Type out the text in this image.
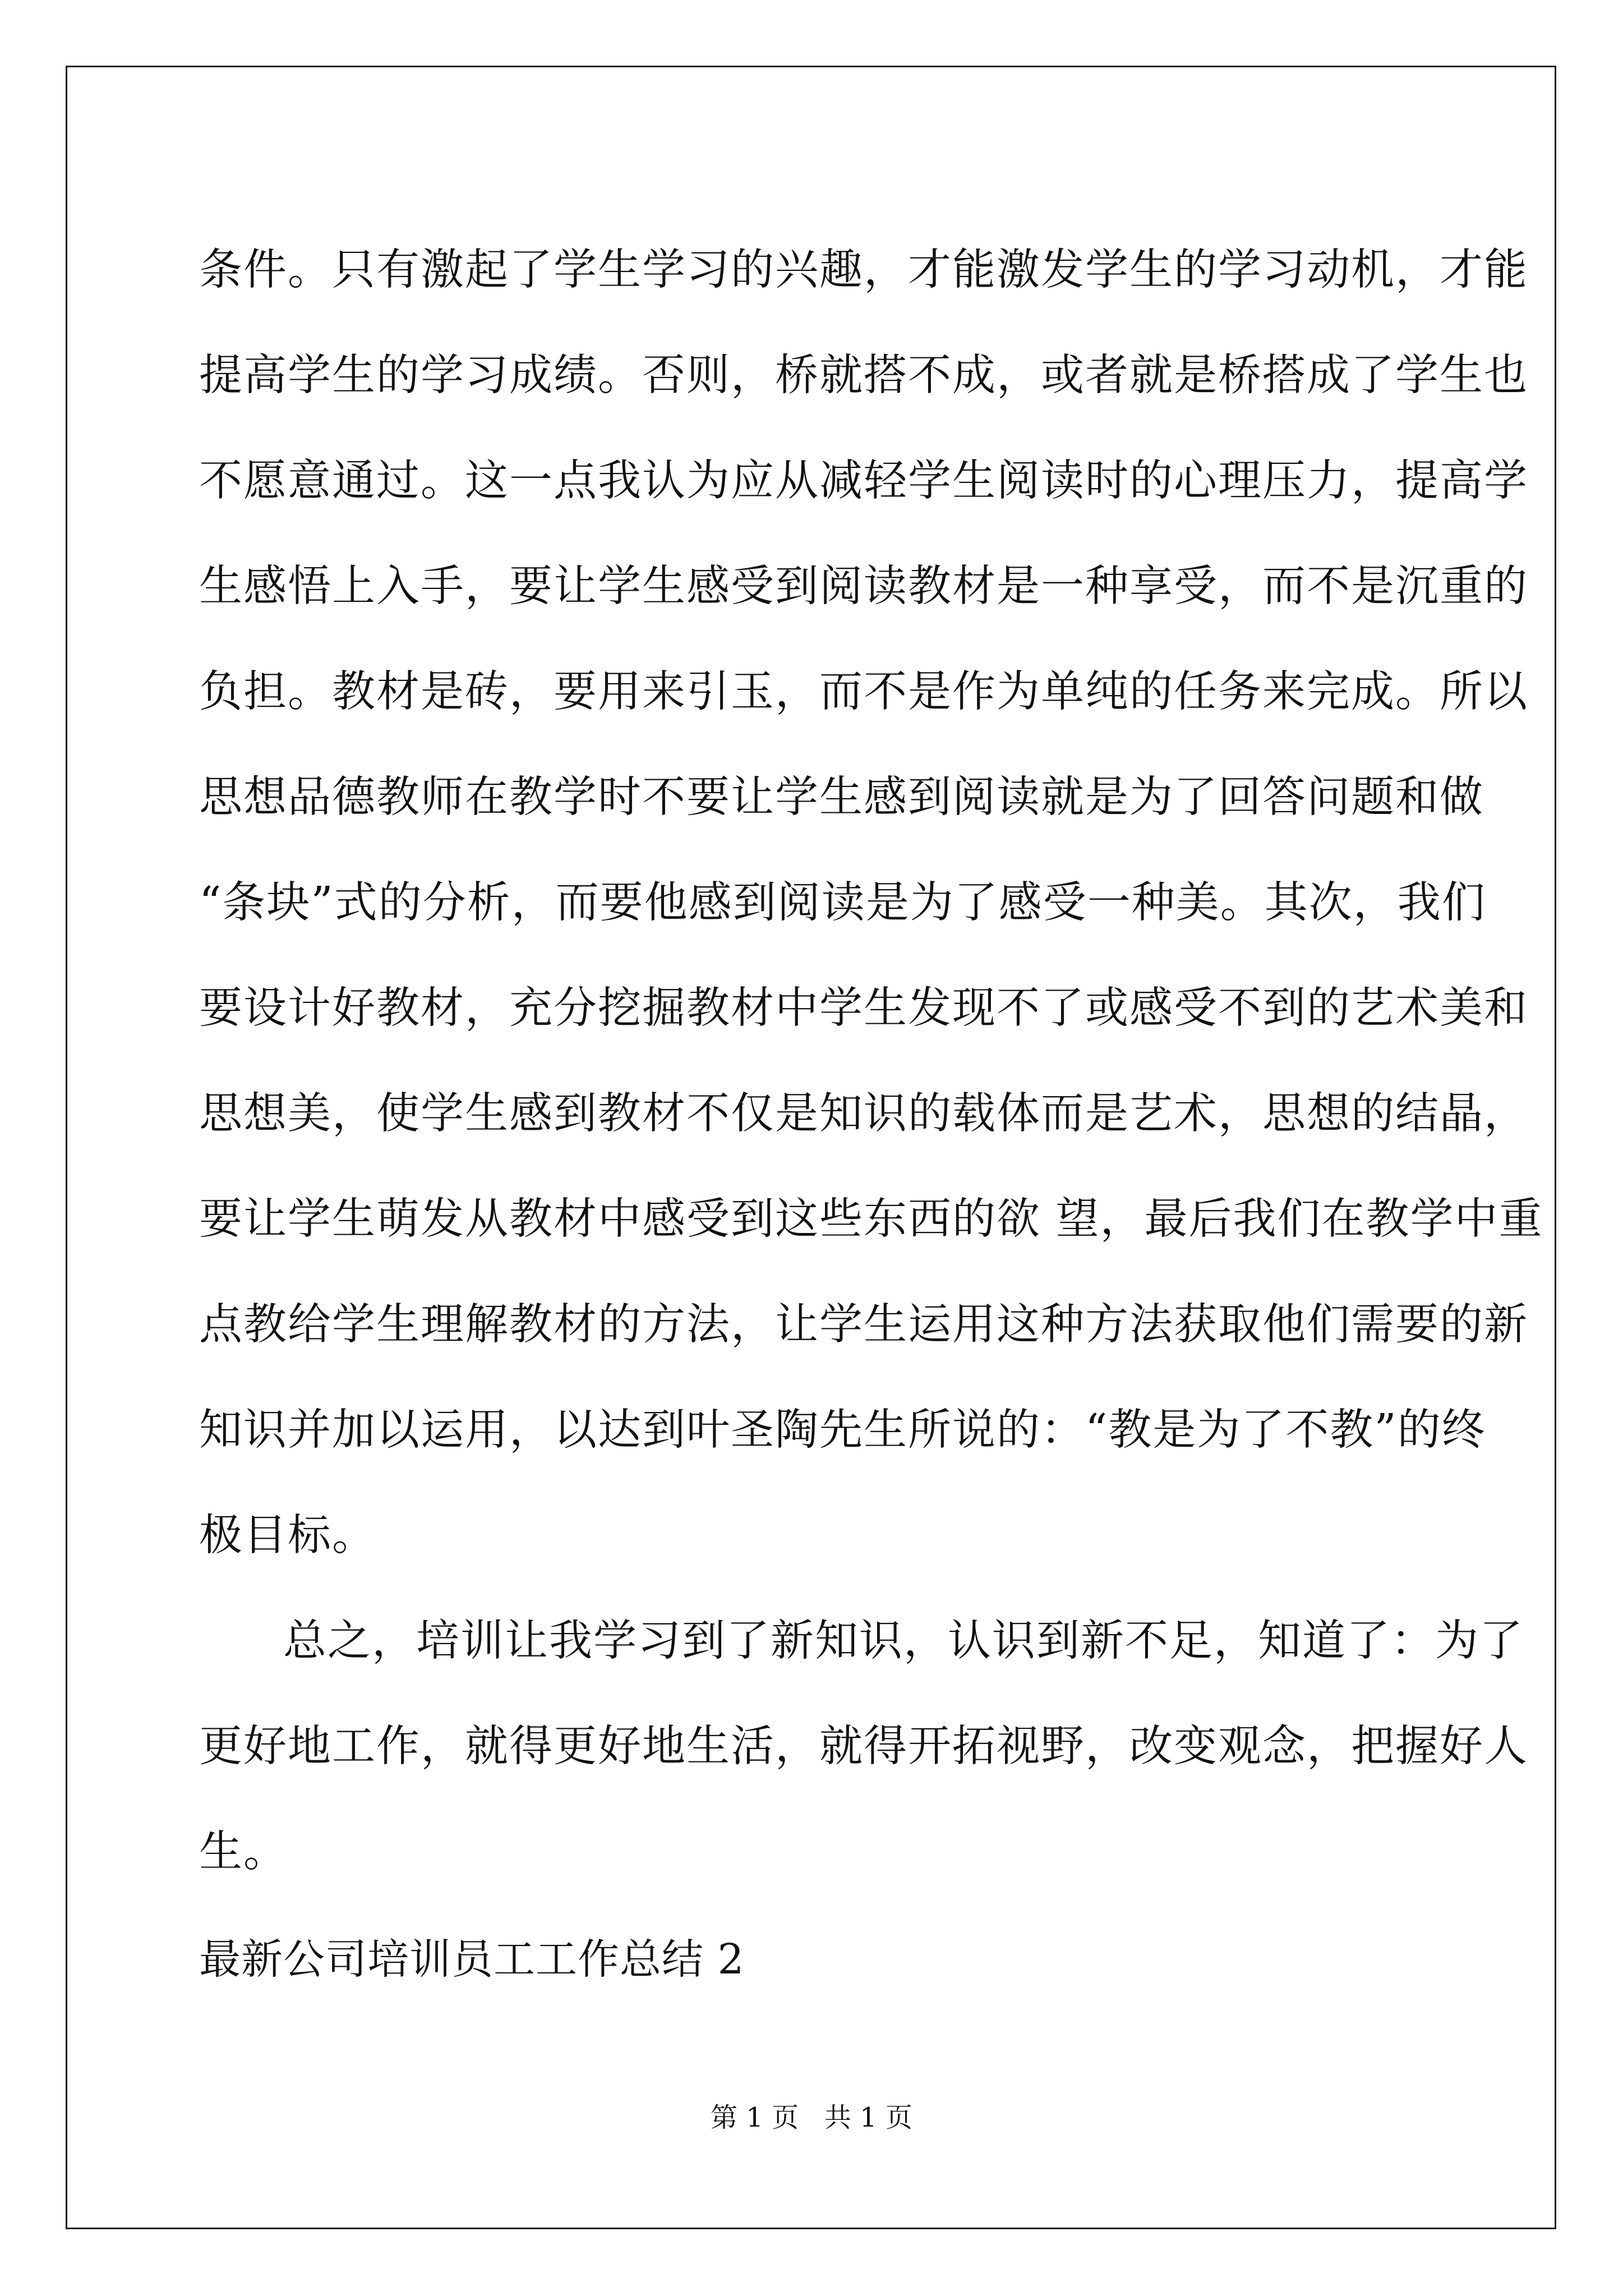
条件。只有激起了学生学习的兴趣，才能激发学生的学习动机，才能
提高学生的学习成绩。否则，桥就搭不成，或者就是桥搭成了学生也
不愿意通过。这一点我认为应从减轻学生阅读时的心理压力，提高学
生感悟上入手，要让学生感受到阅读教材是一种享受，而不是沉重的
负担。教材是砖，要用来引玉，而不是作为单纯的任务来完成。所以
思想品德教师在教学时不要让学生感到阅读就是为了回答问题和做
“条块”式的分析，而要他感到阅读是为了感受一种美。其次，我们
要设计好教材，充分挖掘教材中学生发现不了或感受不到的艺术美和
思想美，使学生感到教材不仅是知识的载体而是艺术，思想的结晶，
要让学生萌发从教材中感受到这些东西的欲 望，最后我们在教学中重
点教给学生理解教材的方法，让学生运用这种方法获取他们需要的新
知识并加以运用，以达到叶圣陶先生所说的：“教是为了不教”的终
极目标。
总之，培训让我学习到了新知识，认识到新不足，知道了：为了
更好地工作，就得更好地生活，就得开拓视野，改变观念，把握好人
生。
最新公司培训员工工作总结 2
第 1 页   共 1 页
